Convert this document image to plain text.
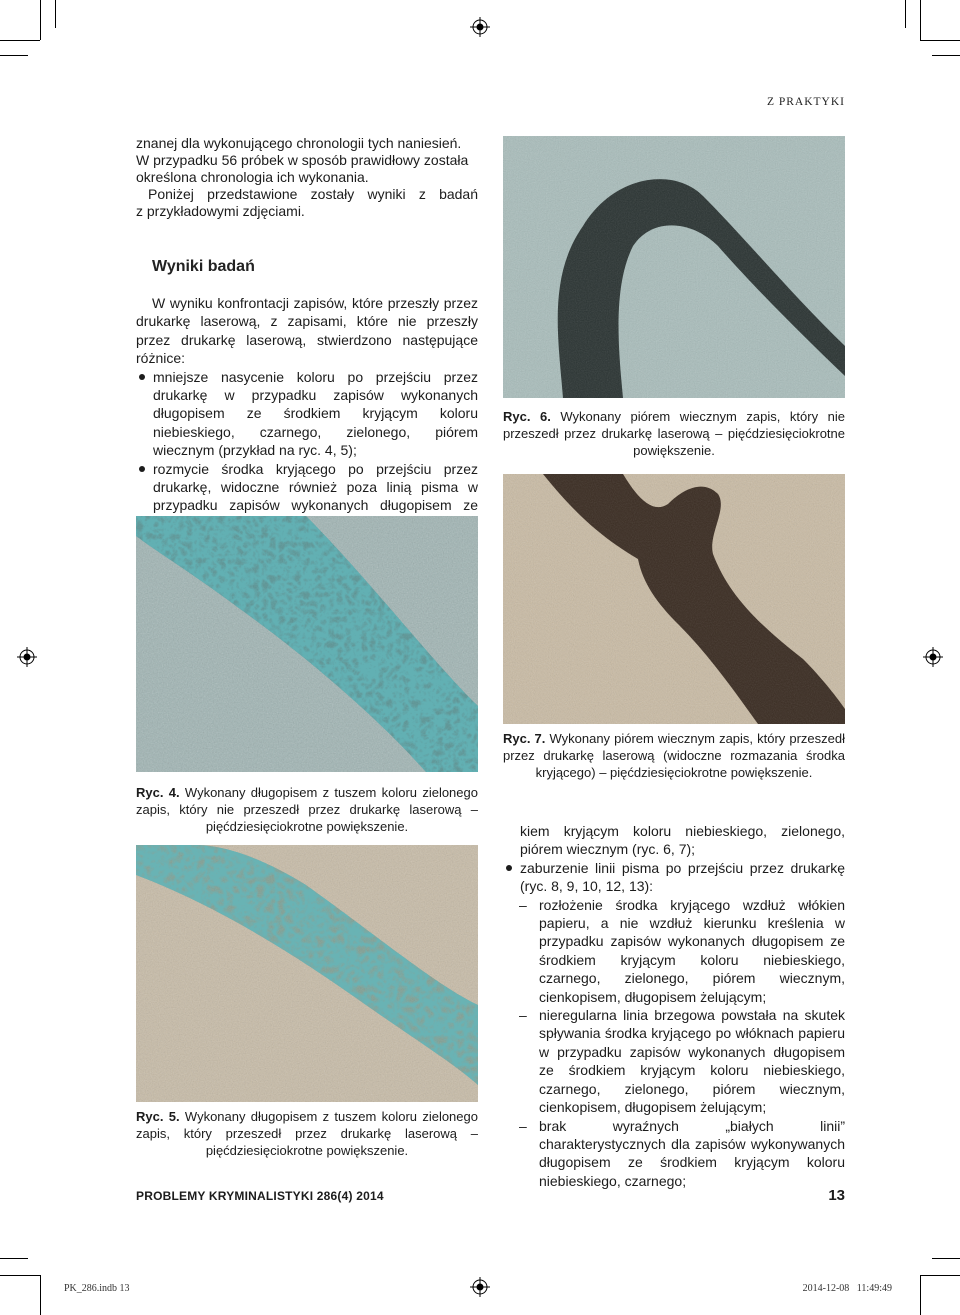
Z PRAKTYKI
znanej dla wykonującego chronologii tych naniesień.
W przypadku 56 próbek w sposób prawidłowy została
określona chronologia ich wykonania.
Poniżej przedstawione zostały wyniki z badań
z przykładowymi zdjęciami.
Wyniki badań

W wyniku konfrontacji zapisów, które przeszły przez drukarkę laserową, z zapisami, które nie przeszły przez drukarkę laserową, stwierdzono następujące różnice:

mniejsze nasycenie koloru po przejściu przez drukarkę w przypadku zapisów wykonanych długopisem ze środkiem kryjącym koloru niebieskiego, czarnego, zielonego, piórem wiecznym (przykład na ryc. 4, 5);
rozmycie środka kryjącego po przejściu przez drukarkę, widoczne również poza linią pisma w przypadku zapisów wykonanych długopisem ze
Ryc. 6. Wykonany piórem wiecznym zapis, który nie przeszedł przez drukarkę laserową – pięćdziesięciokrotne powiększenie.
Ryc. 7. Wykonany piórem wiecznym zapis, który przeszedł przez drukarkę laserową (widoczne rozmazania środka kryjącego) – pięćdziesięciokrotne powiększenie.
Ryc. 4. Wykonany długopisem z tuszem koloru zielonego zapis, który nie przeszedł przez drukarkę laserową – pięćdziesięciokrotne powiększenie.
Ryc. 5. Wykonany długopisem z tuszem koloru zielonego zapis, który przeszedł przez drukarkę laserową – pięćdziesięciokrotne powiększenie.

kiem kryjącym koloru niebieskiego, zielonego, piórem wiecznym (ryc. 6, 7);

zaburzenie linii pisma po przejściu przez drukarkę (ryc. 8, 9, 10, 12, 13):
– rozłożenie środka kryjącego wzdłuż włókien papieru, a nie wzdłuż kierunku kreślenia w przypadku zapisów wykonanych długopisem ze środkiem kryjącym koloru niebieskiego, czarnego, zielonego, piórem wiecznym, cienkopisem, długopisem żelującym;
– nieregularna linia brzegowa powstała na skutek spływania środka kryjącego po włóknach papieru w przypadku zapisów wykonanych długopisem ze środkiem kryjącym koloru niebieskiego, czarnego, zielonego, piórem wiecznym, cienkopisem, długopisem żelującym;
– brak wyraźnych „białych linii” charakterystycznych dla zapisów wykonywanych długopisem ze środkiem kryjącym koloru niebieskiego, czarnego;
PROBLEMY KRYMINALISTYKI 286(4) 2014	13
PK_286.indb 13	2014-12-08   11:49:49
